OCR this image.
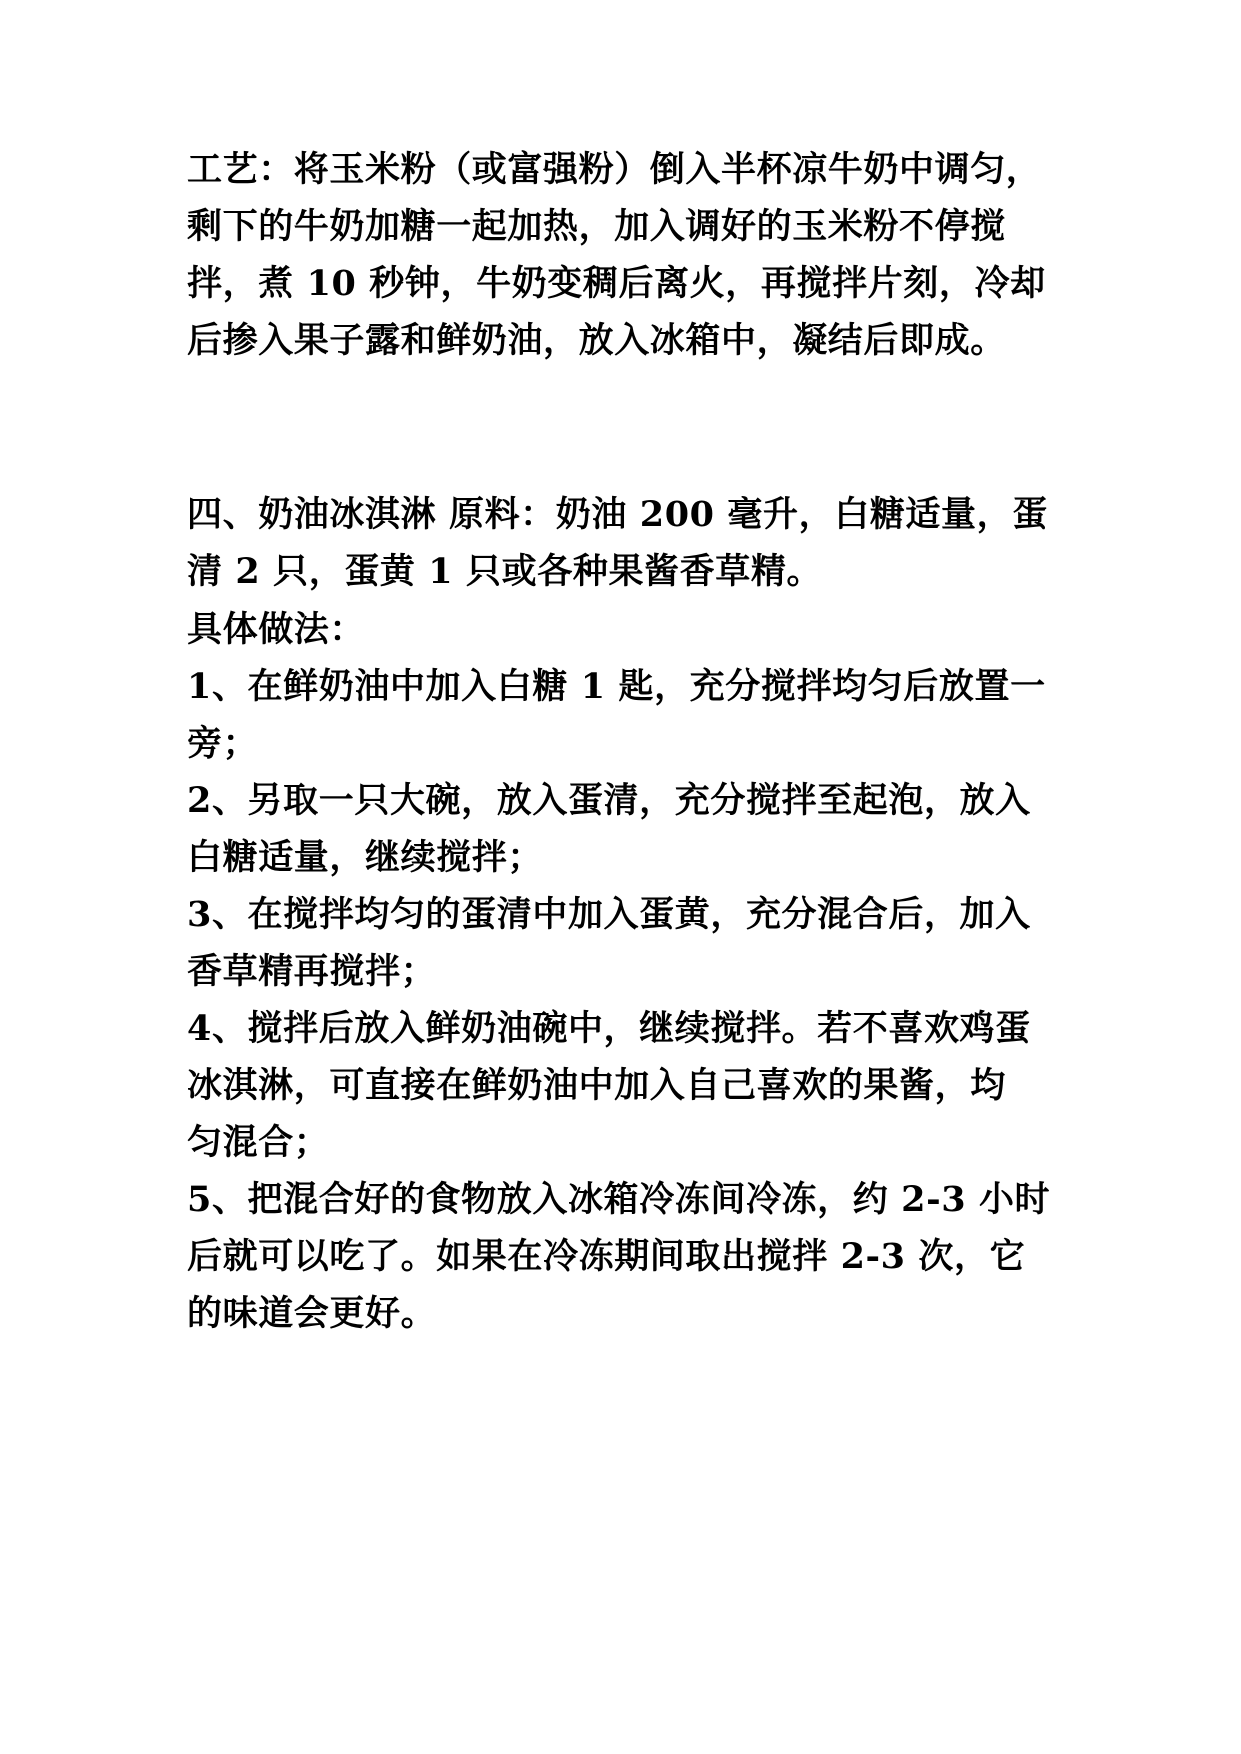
工艺：将玉米粉（或富强粉）倒入半杯凉牛奶中调匀，
剩下的牛奶加糖一起加热，加入调好的玉米粉不停搅
拌，煮 10 秒钟，牛奶变稠后离火，再搅拌片刻，冷却
后掺入果子露和鲜奶油，放入冰箱中，凝结后即成。
四、奶油冰淇淋 原料：奶油 200 毫升，白糖适量，蛋
清 2 只，蛋黄 1 只或各种果酱香草精。
具体做法：
1、在鲜奶油中加入白糖 1 匙，充分搅拌均匀后放置一
旁；
2、另取一只大碗，放入蛋清，充分搅拌至起泡，放入
白糖适量，继续搅拌；
3、在搅拌均匀的蛋清中加入蛋黄，充分混合后，加入
香草精再搅拌；
4、搅拌后放入鲜奶油碗中，继续搅拌。若不喜欢鸡蛋
冰淇淋，可直接在鲜奶油中加入自己喜欢的果酱，均
匀混合；
5、把混合好的食物放入冰箱冷冻间冷冻，约 2-3 小时
后就可以吃了。如果在冷冻期间取出搅拌 2-3 次，它
的味道会更好。
